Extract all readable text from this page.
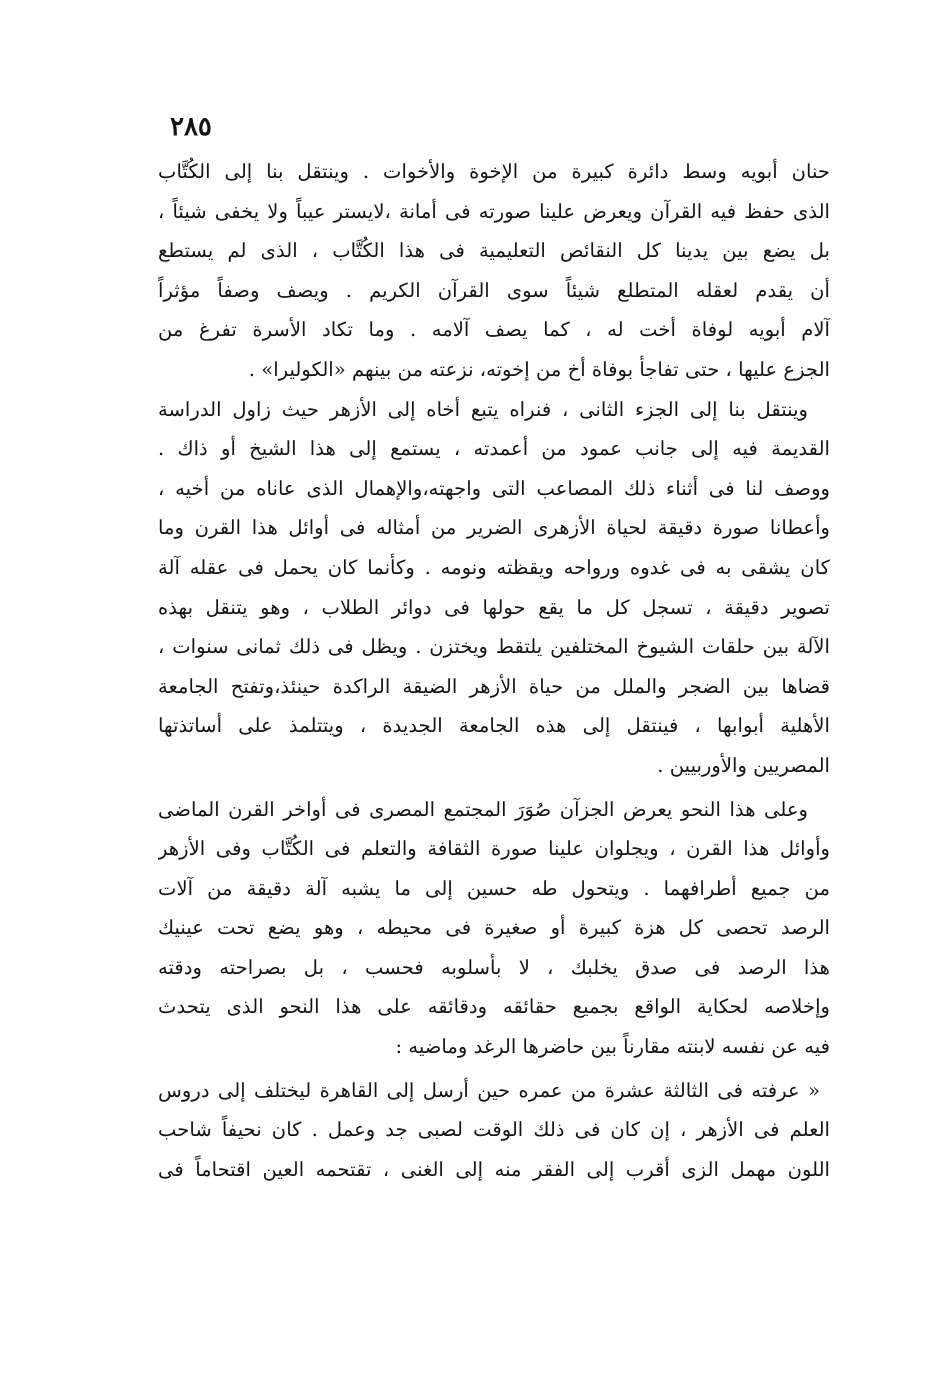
٢٨٥
حنان أبويه وسط دائرة كبيرة من الإخوة والأخوات . وينتقل بنا إلى الكُتَّاب
الذى حفظ فيه القرآن ويعرض علينا صورته فى أمانة ،لايستر عيباً ولا يخفى شيئاً ،
بل يضع بين يدينا كل النقائص التعليمية فى هذا الكُتَّاب ، الذى لم يستطع
أن يقدم لعقله المتطلع شيئاً سوى القرآن الكريم . ويصف وصفاً مؤثراً
آلام أبويه لوفاة أخت له ، كما يصف آلامه . وما تكاد الأسرة تفرغ من
الجزع عليها ، حتى تفاجأ بوفاة أخ من إخوته، نزعته من بينهم «الكوليرا» .
وينتقل بنا إلى الجزء الثانى ، فنراه يتبع أخاه إلى الأزهر حيث زاول الدراسة
القديمة فيه إلى جانب عمود من أعمدته ، يستمع إلى هذا الشيخ أو ذاك .
ووصف لنا فى أثناء ذلك المصاعب التى واجهته،والإهمال الذى عاناه من أخيه ،
وأعطانا صورة دقيقة لحياة الأزهرى الضرير من أمثاله فى أوائل هذا القرن وما
كان يشقى به فى غدوه ورواحه ويقظته ونومه . وكأنما كان يحمل فى عقله آلة
تصوير دقيقة ، تسجل كل ما يقع حولها فى دوائر الطلاب ، وهو يتنقل بهذه
الآلة بين حلقات الشيوخ المختلفين يلتقط ويختزن . ويظل فى ذلك ثمانى سنوات ،
قضاها بين الضجر والملل من حياة الأزهر الضيقة الراكدة حينئذ،وتفتح الجامعة
الأهلية أبوابها ، فينتقل إلى هذه الجامعة الجديدة ، ويتتلمذ على أساتذتها
المصريين والأوربيين .
وعلى هذا النحو يعرض الجزآن صُوَرَ المجتمع المصرى فى أواخر القرن الماضى
وأوائل هذا القرن ، ويجلوان علينا صورة الثقافة والتعلم فى الكُتَّاب وفى الأزهر
من جميع أطرافهما . ويتحول طه حسين إلى ما يشبه آلة دقيقة من آلات
الرصد تحصى كل هزة كبيرة أو صغيرة فى محيطه ، وهو يضع تحت عينيك
هذا الرصد فى صدق يخلبك ، لا بأسلوبه فحسب ، بل بصراحته ودقته
وإخلاصه لحكاية الواقع بجميع حقائقه ودقائقه على هذا النحو الذى يتحدث
فيه عن نفسه لابنته مقارناً بين حاضرها الرغد وماضيه :
« عرفته فى الثالثة عشرة من عمره حين أرسل إلى القاهرة ليختلف إلى دروس
العلم فى الأزهر ، إن كان فى ذلك الوقت لصبى جد وعمل . كان نحيفاً شاحب
اللون مهمل الزى أقرب إلى الفقر منه إلى الغنى ، تقتحمه العين اقتحاماً فى
